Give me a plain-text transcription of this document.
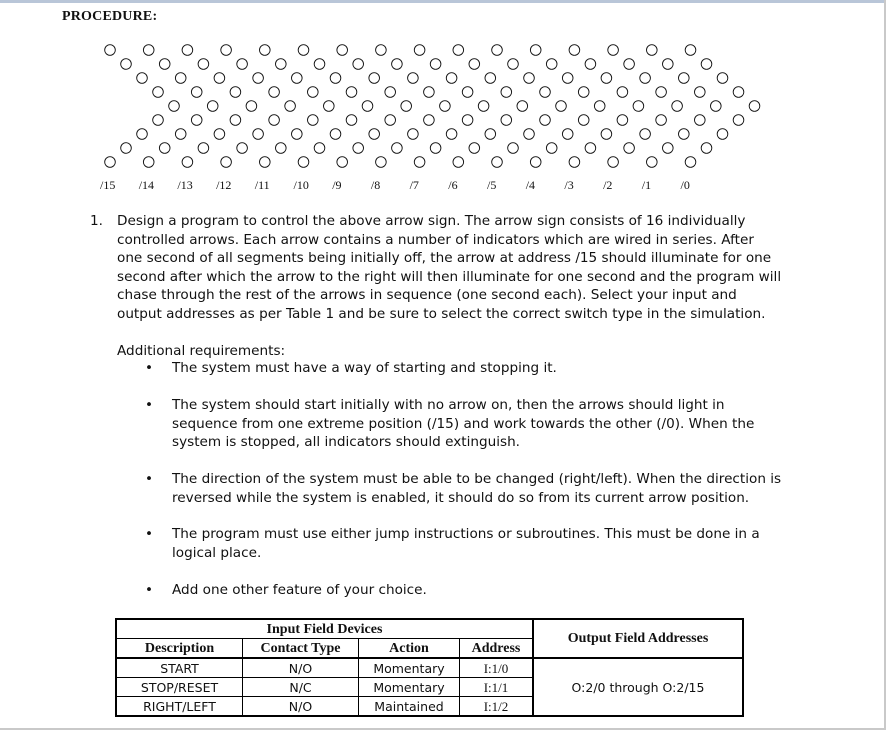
PROCEDURE:
/15 /14 /13 /12 /11 /10 /9 /8 /7 /6 /5 /4 /3 /2 /1 /0
1. Design a program to control the above arrow sign. The arrow sign consists of 16 individually controlled arrows. Each arrow contains a number of indicators which are wired in series. After one second of all segments being initially off, the arrow at address /15 should illuminate for one second after which the arrow to the right will then illuminate for one second and the program will chase through the rest of the arrows in sequence (one second each). Select your input and output addresses as per Table 1 and be sure to select the correct switch type in the simulation.
Additional requirements:
• The system must have a way of starting and stopping it.
• The system should start initially with no arrow on, then the arrows should light in sequence from one extreme position (/15) and work towards the other (/0). When the system is stopped, all indicators should extinguish.
• The direction of the system must be able to be changed (right/left). When the direction is reversed while the system is enabled, it should do so from its current arrow position.
• The program must use either jump instructions or subroutines. This must be done in a logical place.
• Add one other feature of your choice.
Input Field Devices				Output Field Addresses
Description	Contact Type	Action	Address	
START	N/O	Momentary	I:1/0	O:2/0 through O:2/15
STOP/RESET	N/C	Momentary	I:1/1	
RIGHT/LEFT	N/O	Maintained	I:1/2	
